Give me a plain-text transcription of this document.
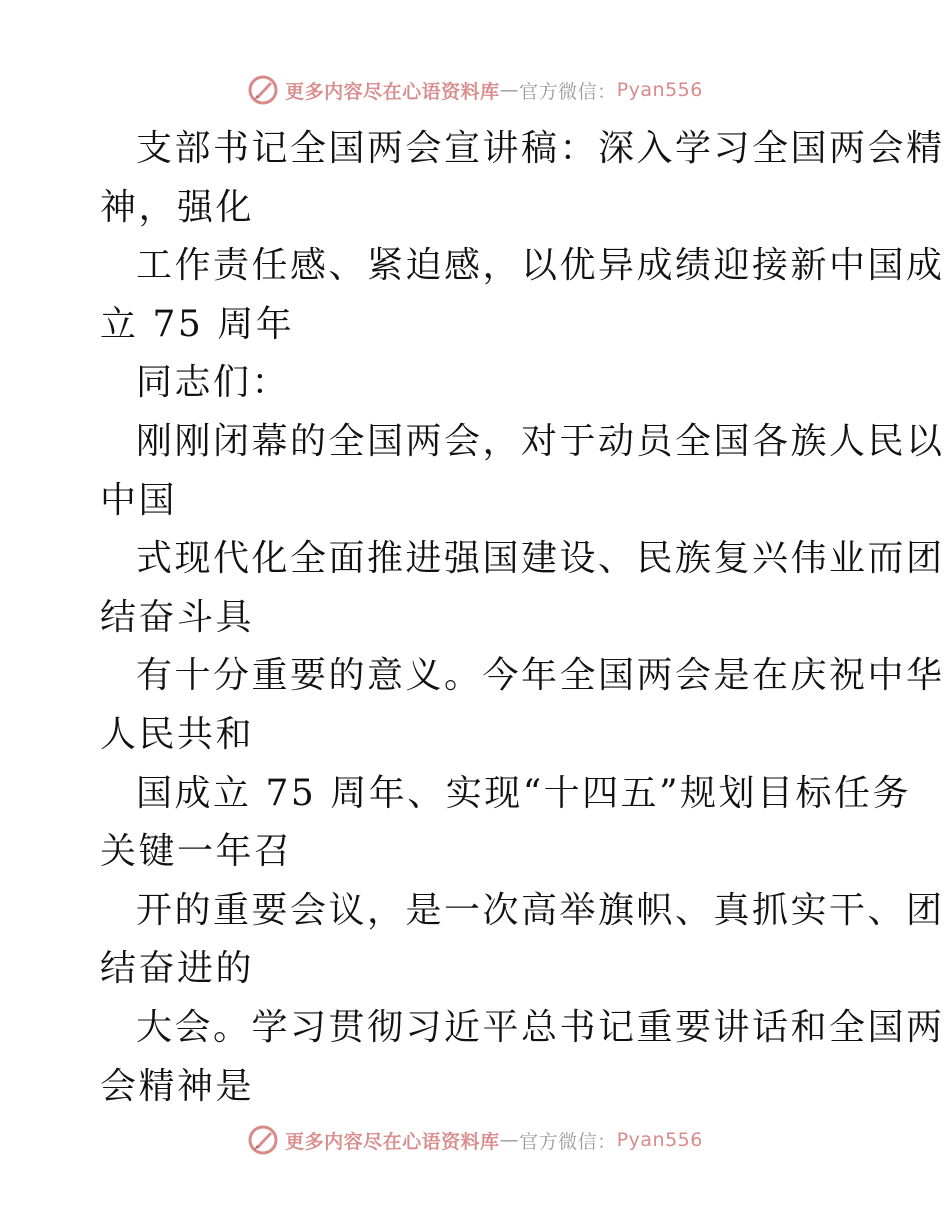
更多内容尽在心语资料库 — 官方微信： Pyan556
支部书记全国两会宣讲稿：深入学习全国两会精
神，强化
工作责任感、紧迫感，以优异成绩迎接新中国成
立 75 周年
同志们：
刚刚闭幕的全国两会，对于动员全国各族人民以
中国
式现代化全面推进强国建设、民族复兴伟业而团
结奋斗具
有十分重要的意义。今年全国两会是在庆祝中华
人民共和
国成立 75 周年、实现“十四五”规划目标任务
关键一年召
开的重要会议，是一次高举旗帜、真抓实干、团
结奋进的
大会。学习贯彻习近平总书记重要讲话和全国两
会精神是
更多内容尽在心语资料库 — 官方微信： Pyan556
